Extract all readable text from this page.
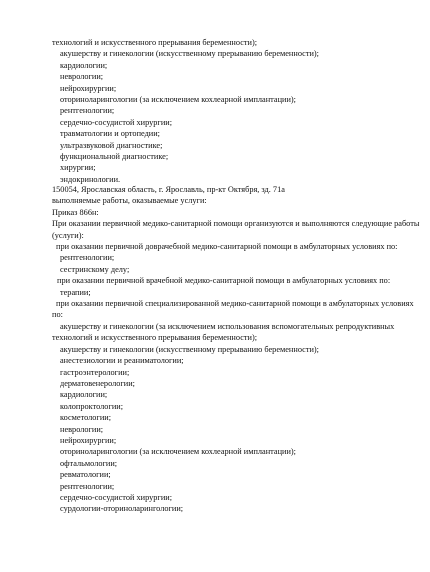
технологий и искусственного прерывания беременности);
акушерству и гинекологии (искусственному прерыванию беременности);
кардиологии;
неврологии;
нейрохирургии;
оториноларингологии (за исключением кохлеарной имплантации);
рентгенологии;
сердечно-сосудистой хирургии;
травматологии и ортопедии;
ультразвуковой диагностике;
функциональной диагностике;
хирургии;
эндокринологии.
150054, Ярославская область, г. Ярославль, пр-кт Октября, зд. 71а
выполняемые работы, оказываемые услуги:
Приказ 866н:
При оказании первичной медико-санитарной помощи организуются и выполняются следующие работы (услуги):
при оказании первичной доврачебной медико-санитарной помощи в амбулаторных условиях по:
рентгенологии;
сестринскому делу;
при оказании первичной врачебной медико-санитарной помощи в амбулаторных условиях по:
терапии;
при оказании первичной специализированной медико-санитарной помощи в амбулаторных условиях по:
акушерству и гинекологии (за исключением использования вспомогательных репродуктивных технологий и искусственного прерывания беременности);
акушерству и гинекологии (искусственному прерыванию беременности);
анестезиологии и реаниматологии;
гастроэнтерологии;
дерматовенерологии;
кардиологии;
колопроктологии;
косметологии;
неврологии;
нейрохирургии;
оториноларингологии (за исключением кохлеарной имплантации);
офтальмологии;
ревматологии;
рентгенологии;
сердечно-сосудистой хирургии;
сурдологии-оториноларингологии;
